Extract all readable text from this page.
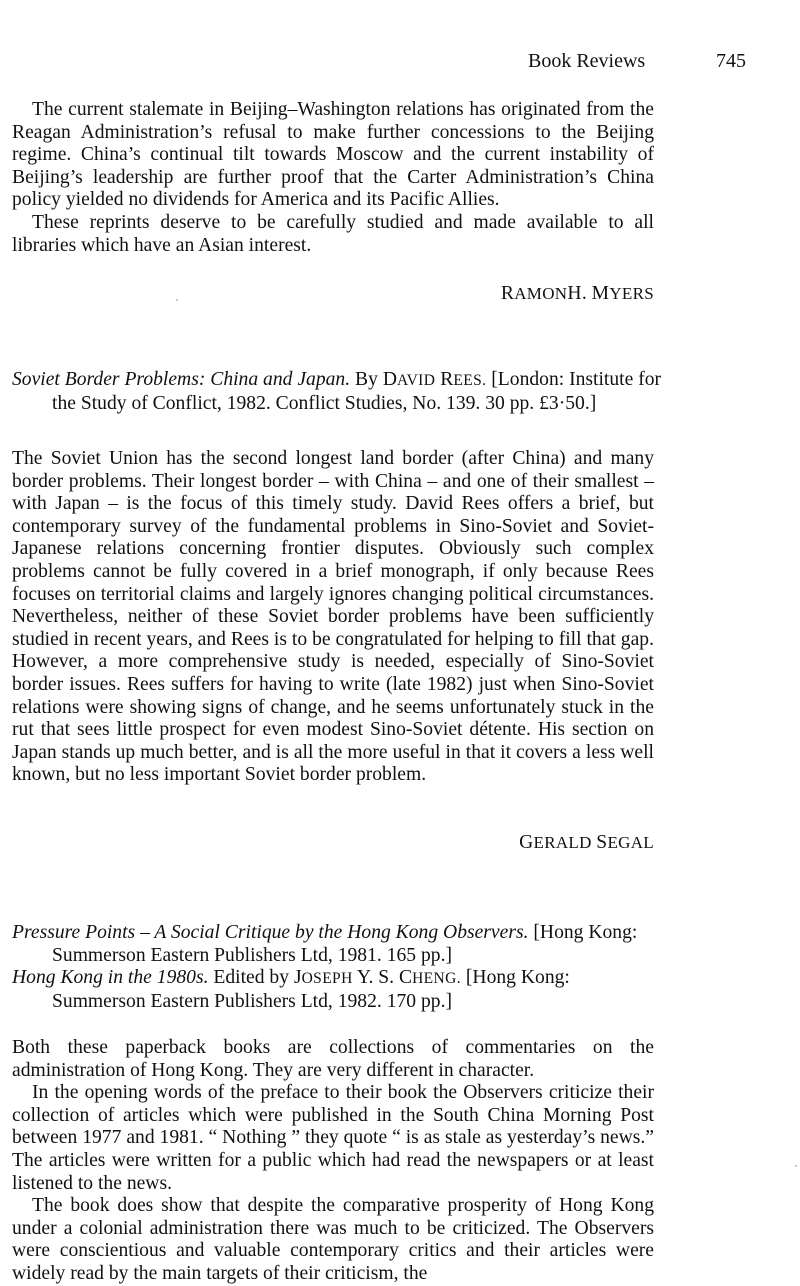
Book Reviews	745

The current stalemate in Beijing–Washington relations has originated from the Reagan Administration’s refusal to make further concessions to the Beijing regime. China’s continual tilt towards Moscow and the current instability of Beijing’s leadership are further proof that the Carter Administration’s China policy yielded no dividends for America and its Pacific Allies.

These reprints deserve to be carefully studied and made available to all libraries which have an Asian interest.

RAMONH. MYERS

Soviet Border Problems: China and Japan. By DAVID REES. [London: Institute for the Study of Conflict, 1982. Conflict Studies, No. 139. 30 pp. £3·50.]

The Soviet Union has the second longest land border (after China) and many border problems. Their longest border – with China – and one of their smallest – with Japan – is the focus of this timely study. David Rees offers a brief, but contemporary survey of the fundamental problems in Sino-Soviet and Soviet-Japanese relations concerning frontier disputes. Obviously such complex problems cannot be fully covered in a brief monograph, if only because Rees focuses on territorial claims and largely ignores changing political circumstances. Nevertheless, neither of these Soviet border problems have been sufficiently studied in recent years, and Rees is to be congratulated for helping to fill that gap. However, a more comprehensive study is needed, especially of Sino-Soviet border issues. Rees suffers for having to write (late 1982) just when Sino-Soviet relations were showing signs of change, and he seems unfortunately stuck in the rut that sees little prospect for even modest Sino-Soviet détente. His section on Japan stands up much better, and is all the more useful in that it covers a less well known, but no less important Soviet border problem.

GERALD SEGAL

Pressure Points – A Social Critique by the Hong Kong Observers. [Hong Kong: Summerson Eastern Publishers Ltd, 1981. 165 pp.]

Hong Kong in the 1980s. Edited by JOSEPH Y. S. CHENG. [Hong Kong: Summerson Eastern Publishers Ltd, 1982. 170 pp.]

Both these paperback books are collections of commentaries on the administration of Hong Kong. They are very different in character.

In the opening words of the preface to their book the Observers criticize their collection of articles which were published in the South China Morning Post between 1977 and 1981. “ Nothing ” they quote “ is as stale as yesterday’s news.” The articles were written for a public which had read the newspapers or at least listened to the news.

The book does show that despite the comparative prosperity of Hong Kong under a colonial administration there was much to be criticized. The Observers were conscientious and valuable contemporary critics and their articles were widely read by the main targets of their criticism, the
